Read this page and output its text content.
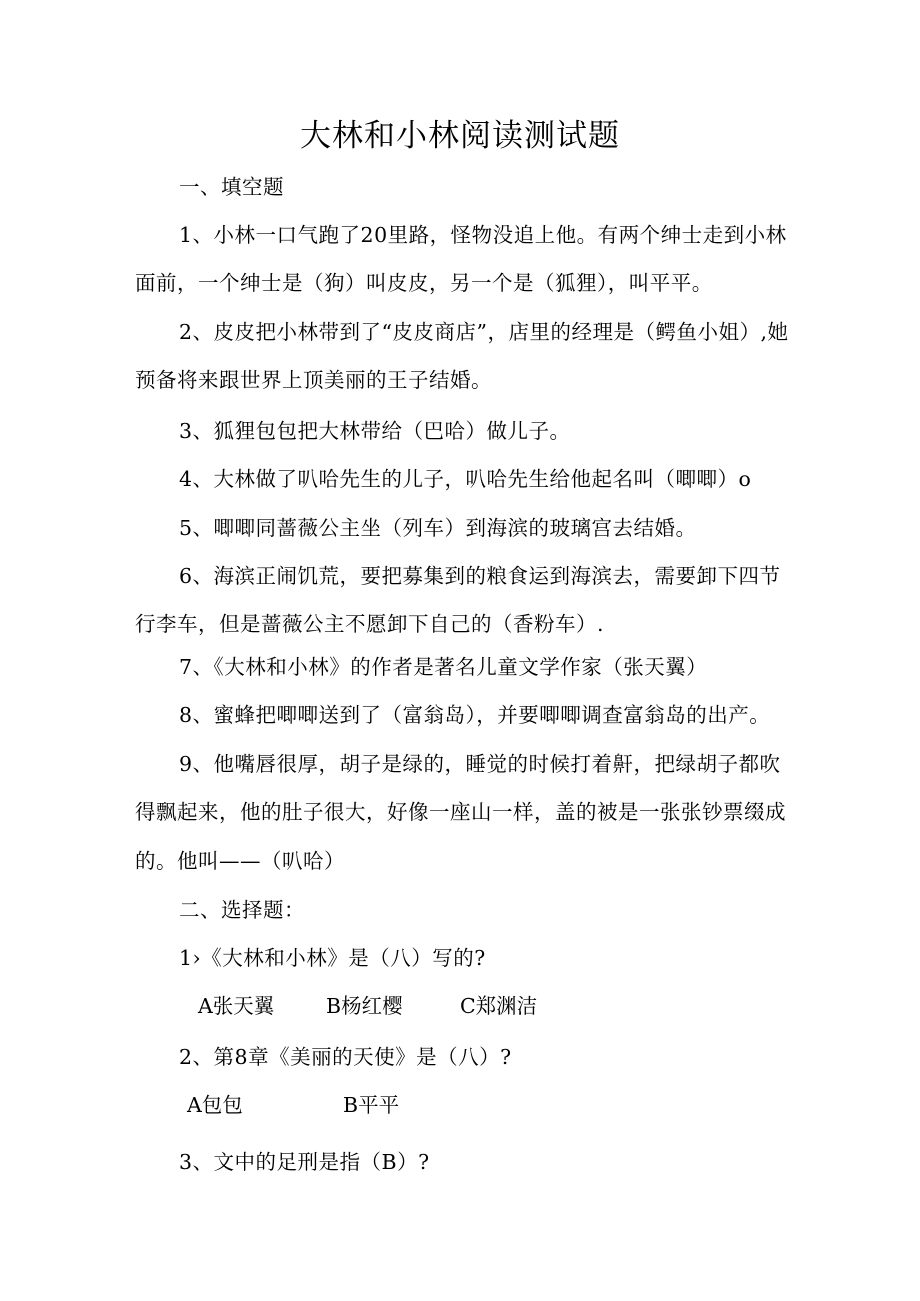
大林和小林阅读测试题
一、填空题
1、小林一口气跑了20里路，怪物没追上他。有两个绅士走到小林面前，一个绅士是（狗）叫皮皮，另一个是（狐狸），叫平平。
2、皮皮把小林带到了“皮皮商店”，店里的经理是（鳄鱼小姐）,她预备将来跟世界上顶美丽的王子结婚。
3、狐狸包包把大林带给（巴哈）做儿子。
4、大林做了叭哈先生的儿子，叭哈先生给他起名叫（唧唧）o
5、唧唧同蔷薇公主坐（列车）到海滨的玻璃宫去结婚。
6、海滨正闹饥荒，要把募集到的粮食运到海滨去，需要卸下四节行李车，但是蔷薇公主不愿卸下自己的（香粉车）.
7、《大林和小林》的作者是著名儿童文学作家（张天翼）
8、蜜蜂把唧唧送到了（富翁岛），并要唧唧调查富翁岛的出产。
9、他嘴唇很厚，胡子是绿的，睡觉的时候打着鼾，把绿胡子都吹得飘起来，他的肚子很大，好像一座山一样，盖的被是一张张钞票缀成的。他叫——（叭哈）
二、选择题：
1›《大林和小林》是（八）写的?
A张天翼	B杨红樱	C郑渊洁
2、第8章《美丽的天使》是（八）?
A包包	B平平
3、文中的足刑是指（B）?
